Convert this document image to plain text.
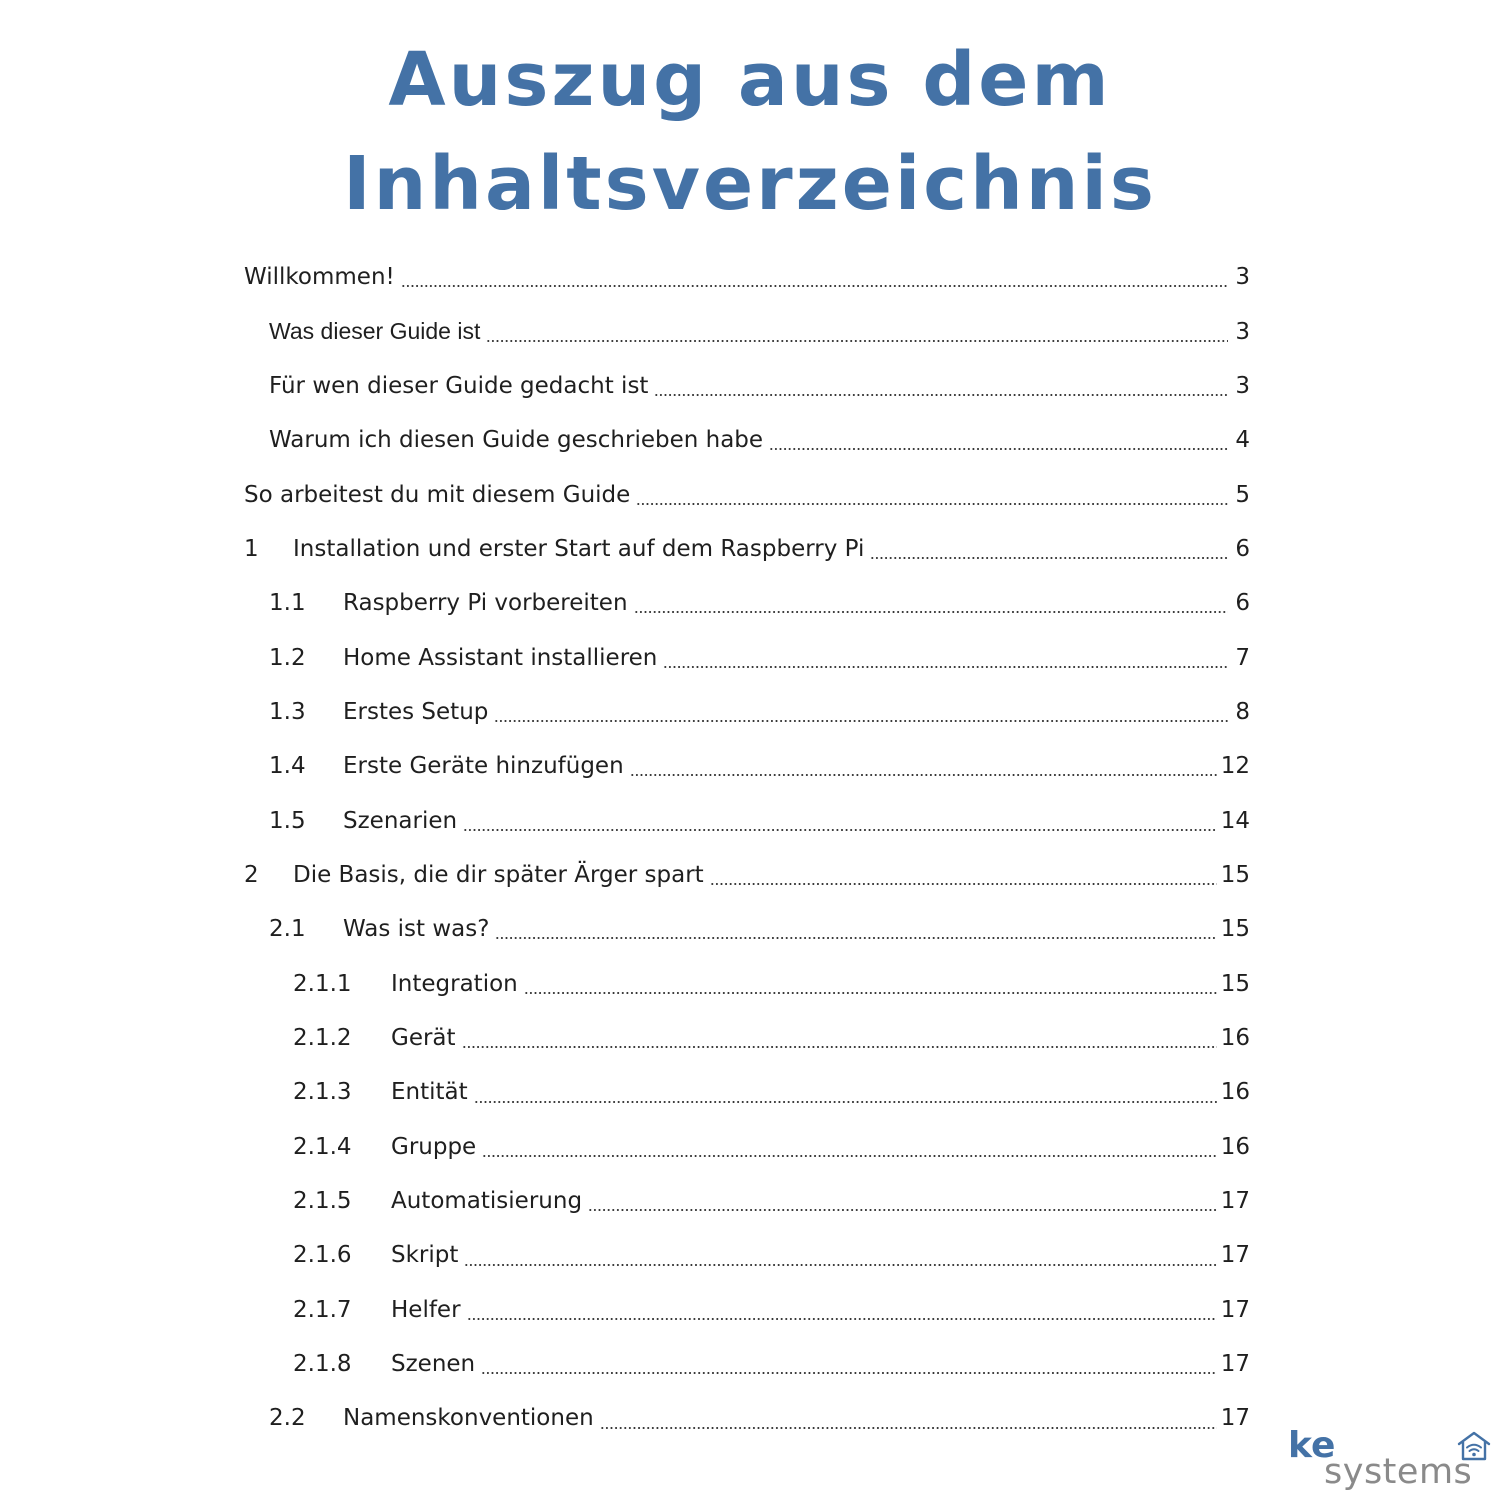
Auszug aus dem
Inhaltsverzeichnis
Willkommen!	3
Was dieser Guide ist	3
Für wen dieser Guide gedacht ist	3
Warum ich diesen Guide geschrieben habe	4
So arbeitest du mit diesem Guide	5
1	Installation und erster Start auf dem Raspberry Pi	6
1.1	Raspberry Pi vorbereiten	6
1.2	Home Assistant installieren	7
1.3	Erstes Setup	8
1.4	Erste Geräte hinzufügen	12
1.5	Szenarien	14
2	Die Basis, die dir später Ärger spart	15
2.1	Was ist was?	15
2.1.1	Integration	15
2.1.2	Gerät	16
2.1.3	Entität	16
2.1.4	Gruppe	16
2.1.5	Automatisierung	17
2.1.6	Skript	17
2.1.7	Helfer	17
2.1.8	Szenen	17
2.2	Namenskonventionen	17
ke
systems
